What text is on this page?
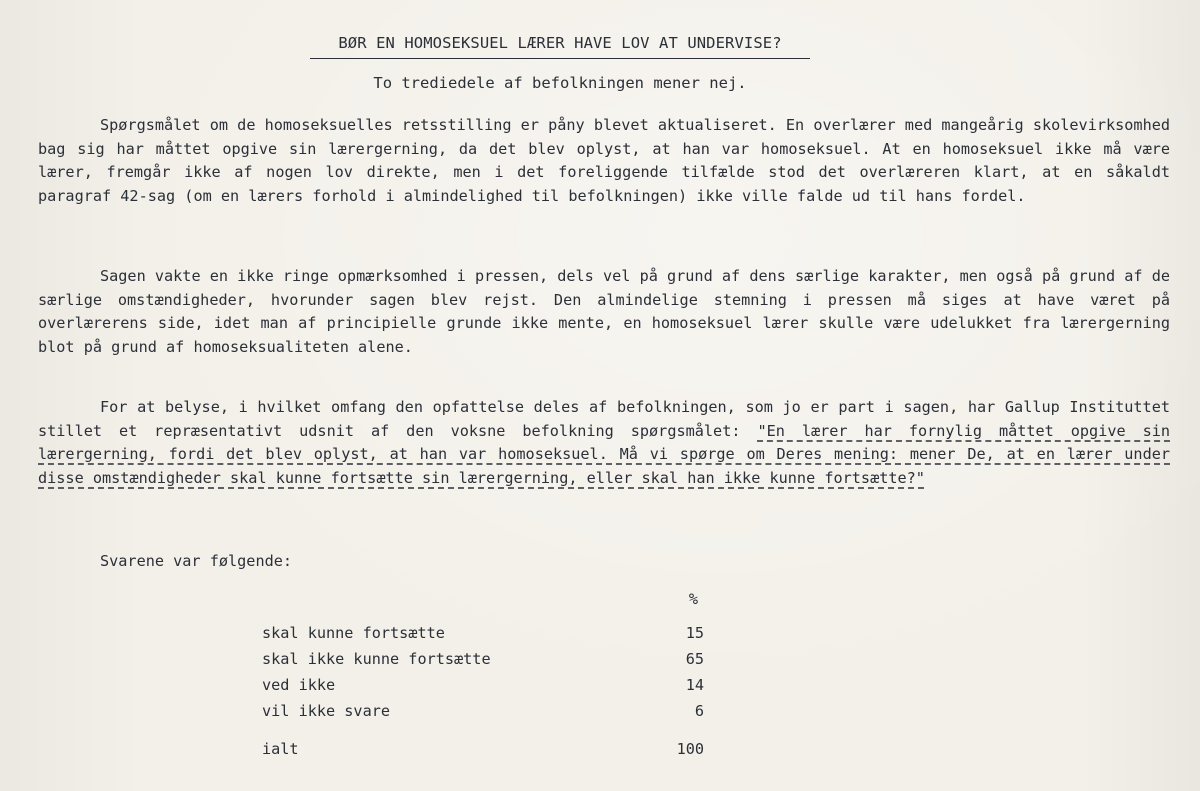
BØR EN HOMOSEKSUEL LÆRER HAVE LOV AT UNDERVISE?
To trediedele af befolkningen mener nej.

Spørgsmålet om de homoseksuelles retsstilling er påny blevet aktualiseret. En overlærer med mangeårig skolevirksomhed bag sig har måttet opgive sin lærergerning, da det blev oplyst, at han var homoseksuel. At en homoseksuel ikke må være lærer, fremgår ikke af nogen lov direkte, men i det foreliggende tilfælde stod det overlæreren klart, at en såkaldt paragraf 42-sag (om en lærers forhold i almindelighed til befolkningen) ikke ville falde ud til hans fordel.

Sagen vakte en ikke ringe opmærksomhed i pressen, dels vel på grund af dens særlige karakter, men også på grund af de særlige omstændigheder, hvorunder sagen blev rejst. Den almindelige stemning i pressen må siges at have været på overlærerens side, idet man af principielle grunde ikke mente, en homoseksuel lærer skulle være udelukket fra lærergerning blot på grund af homoseksualiteten alene.

For at belyse, i hvilket omfang den opfattelse deles af befolkningen, som jo er part i sagen, har Gallup Instituttet stillet et repræsentativt udsnit af den voksne befolkning spørgsmålet: "En lærer har fornylig måttet opgive sin lærergerning, fordi det blev oplyst, at han var homoseksuel. Må vi spørge om Deres mening: mener De, at en lærer under disse omstændigheder skal kunne fortsætte sin lærergerning, eller skal han ikke kunne fortsætte?"

Svarene var følgende:
%
skal kunne fortsætte	15
skal ikke kunne fortsætte	65
ved ikke	14
vil ikke svare	6
ialt	100
